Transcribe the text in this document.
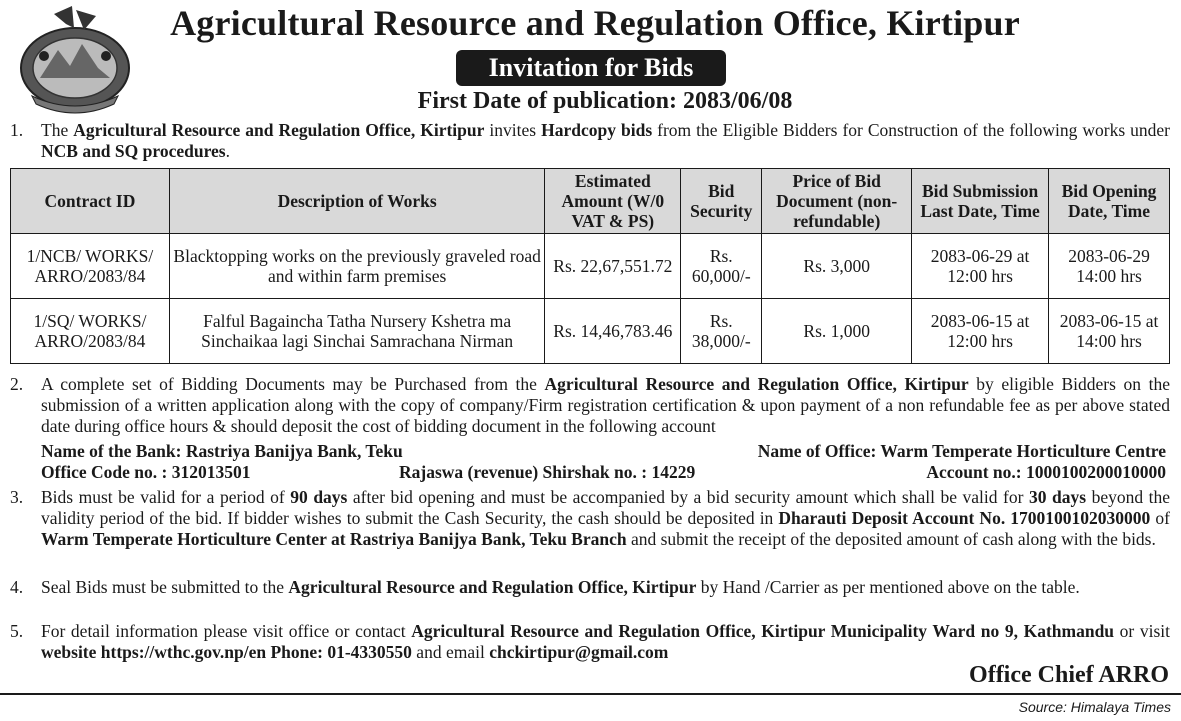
Agricultural Resource and Regulation Office, Kirtipur
Invitation for Bids
First Date of publication: 2083/06/08
1. The Agricultural Resource and Regulation Office, Kirtipur invites Hardcopy bids from the Eligible Bidders for Construction of the following works under NCB and SQ procedures.
Contract ID	Description of Works	Estimated Amount (W/0 VAT & PS)	Bid Security	Price of Bid Document (non-refundable)	Bid Submission Last Date, Time	Bid Opening Date, Time
1/NCB/ WORKS/ ARRO/2083/84	Blacktopping works on the previously graveled road and within farm premises	Rs. 22,67,551.72	Rs. 60,000/-	Rs. 3,000	2083-06-29 at 12:00 hrs	2083-06-29 14:00 hrs
1/SQ/ WORKS/ ARRO/2083/84	Falful Bagaincha Tatha Nursery Kshetra ma Sinchaikaa lagi Sinchai Samrachana Nirman	Rs. 14,46,783.46	Rs. 38,000/-	Rs. 1,000	2083-06-15 at 12:00 hrs	2083-06-15 at 14:00 hrs
2. A complete set of Bidding Documents may be Purchased from the Agricultural Resource and Regulation Office, Kirtipur by eligible Bidders on the submission of a written application along with the copy of company/Firm registration certification & upon payment of a non refundable fee as per above stated date during office hours & should deposit the cost of bidding document in the following account
Name of the Bank: Rastriya Banijya Bank, Teku	Name of Office: Warm Temperate Horticulture Centre
Office Code no. : 312013501	Rajaswa (revenue) Shirshak no. : 14229	Account no.: 1000100200010000
3. Bids must be valid for a period of 90 days after bid opening and must be accompanied by a bid security amount which shall be valid for 30 days beyond the validity period of the bid. If bidder wishes to submit the Cash Security, the cash should be deposited in Dharauti Deposit Account No. 1700100102030000 of Warm Temperate Horticulture Center at Rastriya Banijya Bank, Teku Branch and submit the receipt of the deposited amount of cash along with the bids.
4. Seal Bids must be submitted to the Agricultural Resource and Regulation Office, Kirtipur by Hand /Carrier as per mentioned above on the table.
5. For detail information please visit office or contact Agricultural Resource and Regulation Office, Kirtipur Municipality Ward no 9, Kathmandu or visit website https://wthc.gov.np/en Phone: 01-4330550 and email chckirtipur@gmail.com
Office Chief ARRO
Source: Himalaya Times
